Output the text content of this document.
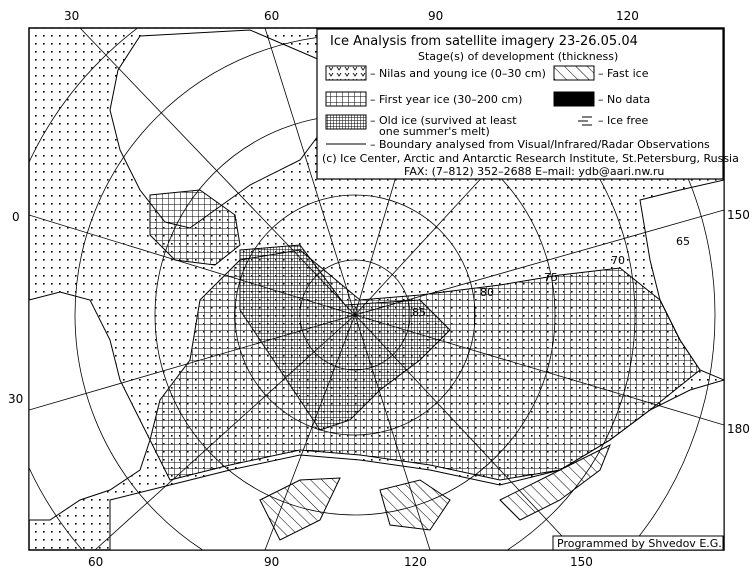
65
70
75
80
85
30	60	90	120
60	90	120	150
0
30
150
180
Ice Analysis from satellite imagery 23-26.05.04
Stage(s) of development (thickness)
– Nilas and young ice (0–30 cm)	– Fast ice
– First year ice (30–200 cm)	– No data
– Old ice (survived at least
one summer's melt)
– Ice free
– Boundary analysed from Visual/Infrared/Radar Observations
(c) Ice Center, Arctic and Antarctic Research Institute, St.Petersburg, Russia
FAX: (7–812) 352–2688 E–mail: ydb@aari.nw.ru
Programmed by Shvedov E.G.
